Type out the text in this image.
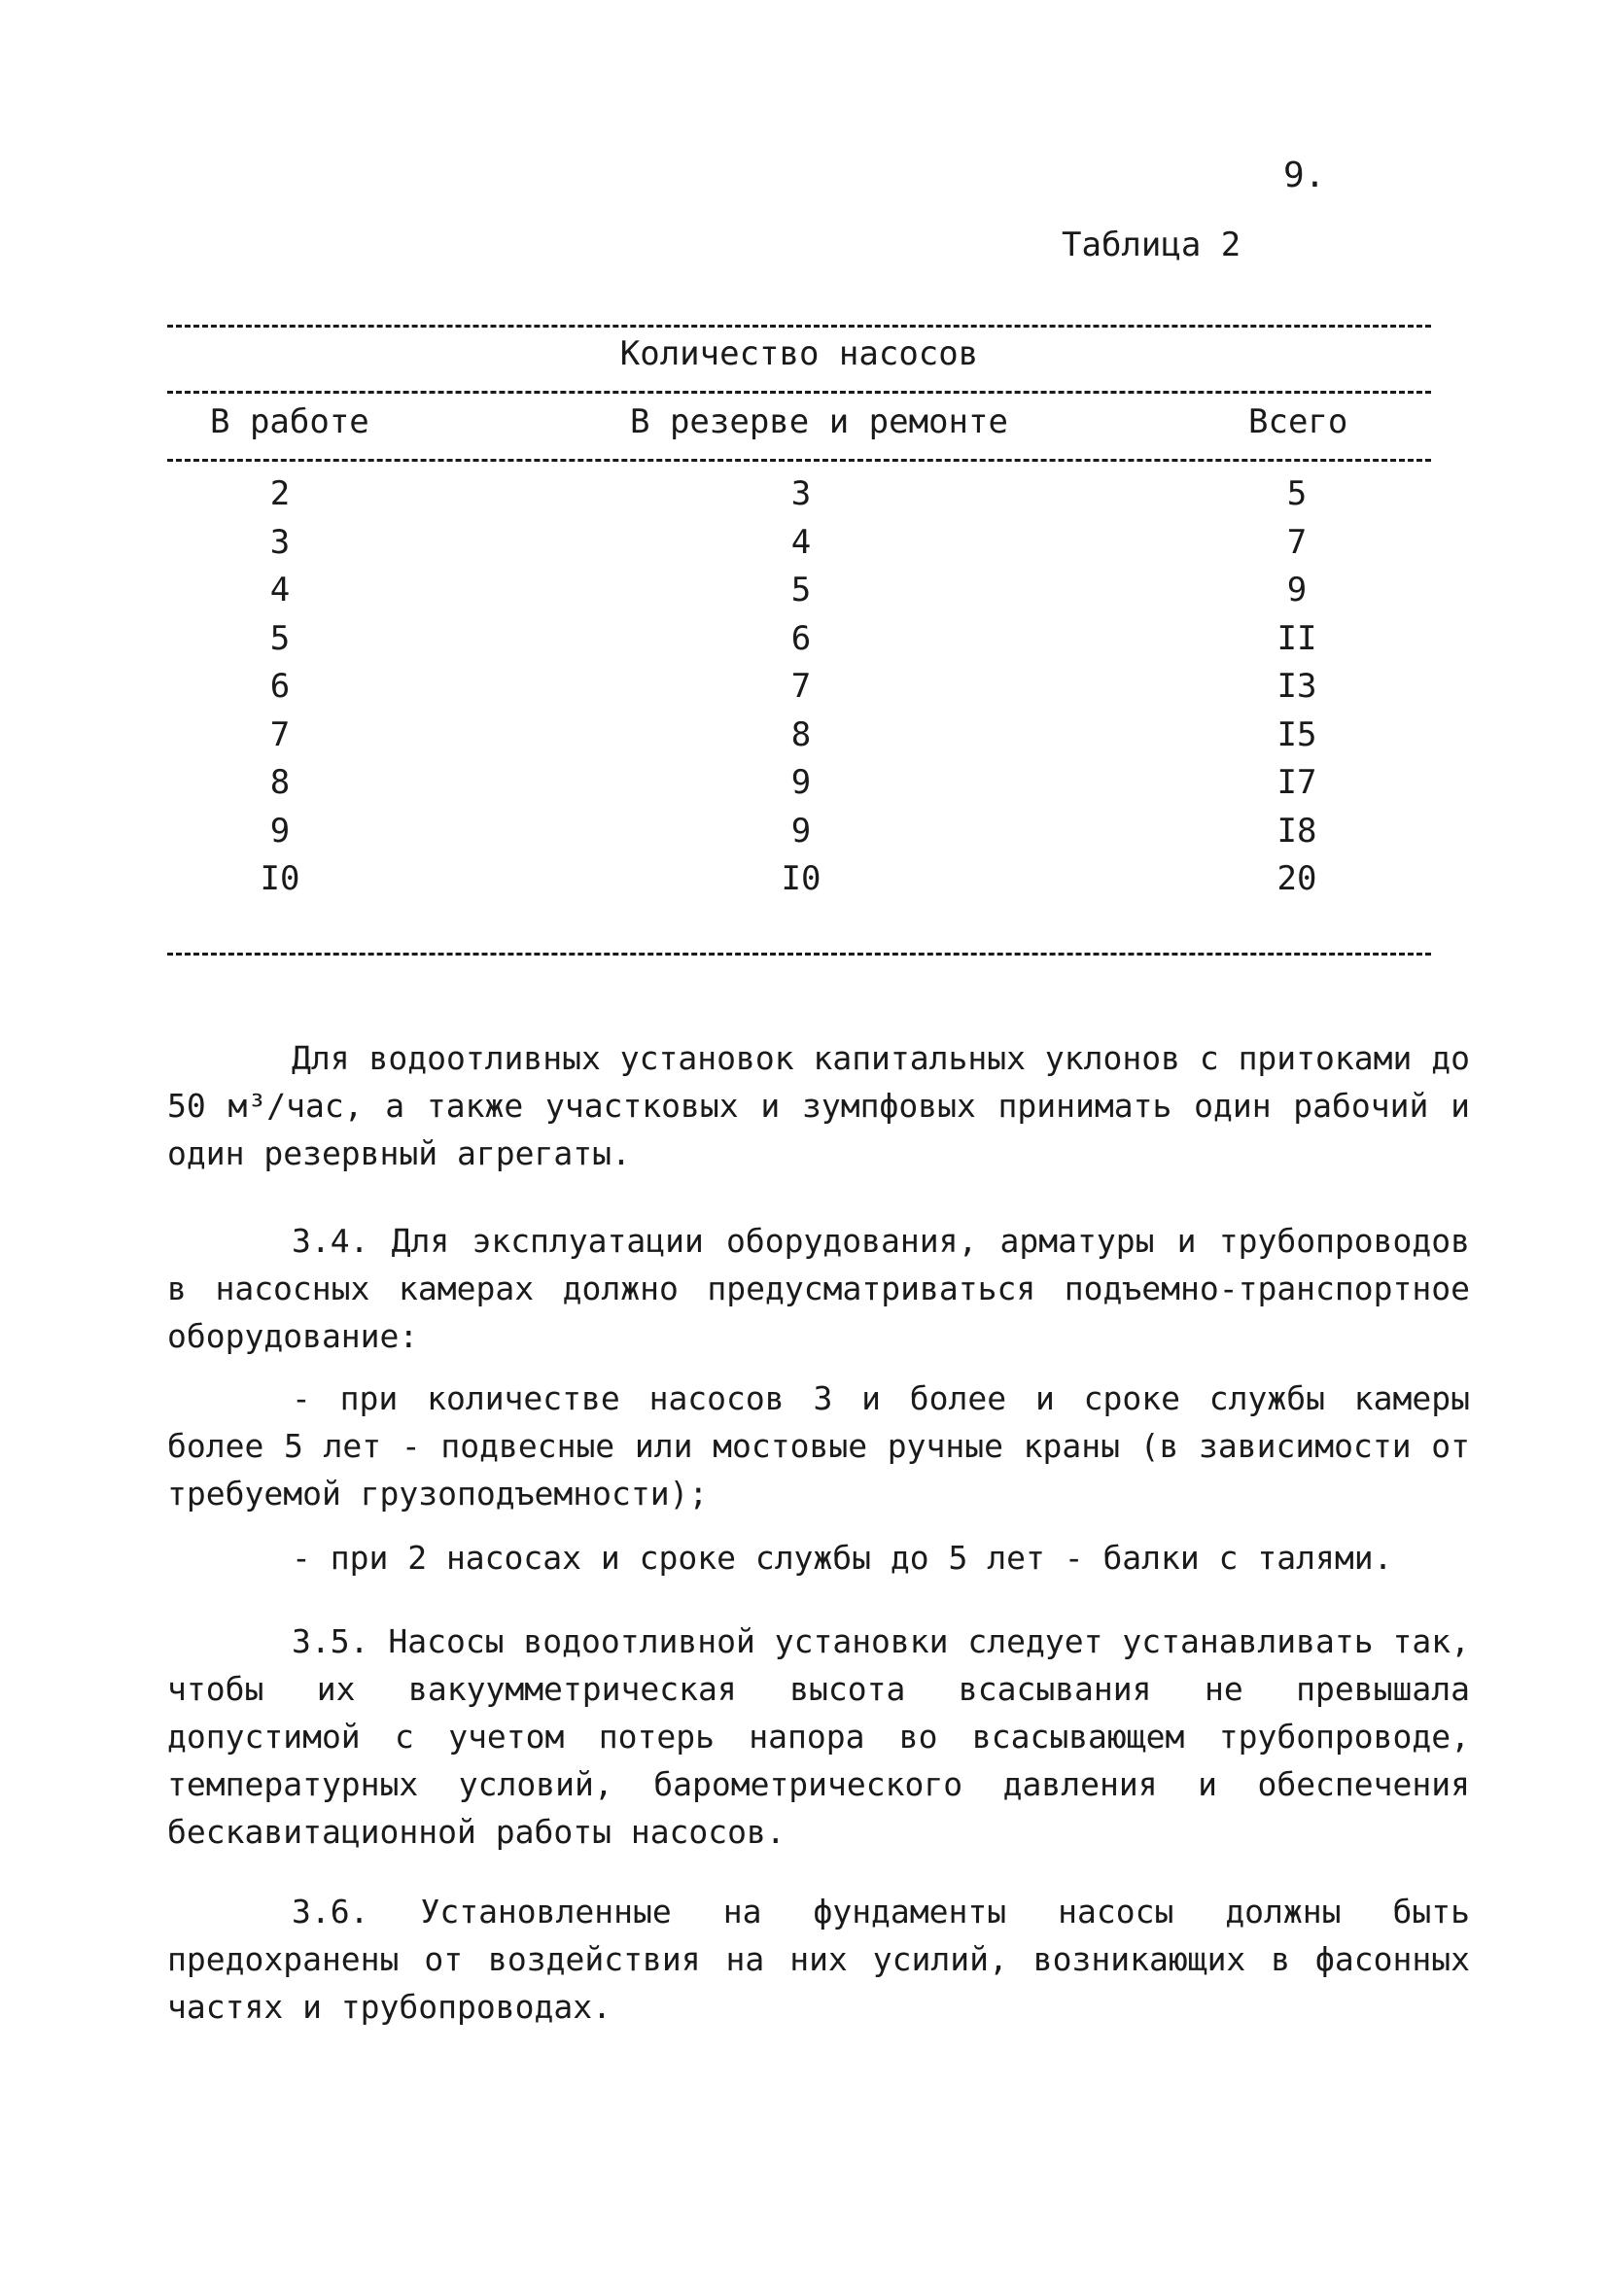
9.
Таблица 2
Количество насосов
В работе	В резерве и ремонте	Всего
2	3	5
3	4	7
4	5	9
5	6	II
6	7	I3
7	8	I5
8	9	I7
9	9	I8
I0	I0	20

Для водоотливных установок капитальных уклонов с притоками до 50 м³/час, а также участковых и зумпфовых принимать один рабочий и один резервный агрегаты.

3.4. Для эксплуатации оборудования, арматуры и трубопроводов в насосных камерах должно предусматриваться подъемно-транспортное оборудование:

- при количестве насосов 3 и более и сроке службы камеры более 5 лет - подвесные или мостовые ручные краны (в зависимости от требуемой грузоподъемности);

- при 2 насосах и сроке службы до 5 лет - балки с талями.

3.5. Насосы водоотливной установки следует устанавливать так, чтобы их вакуумметрическая высота всасывания не превышала допустимой с учетом потерь напора во всасывающем трубопроводе, температурных условий, барометрического давления и обеспечения бескавитационной работы насосов.

3.6. Установленные на фундаменты насосы должны быть предохранены от воздействия на них усилий, возникающих в фасонных частях и трубопроводах.
